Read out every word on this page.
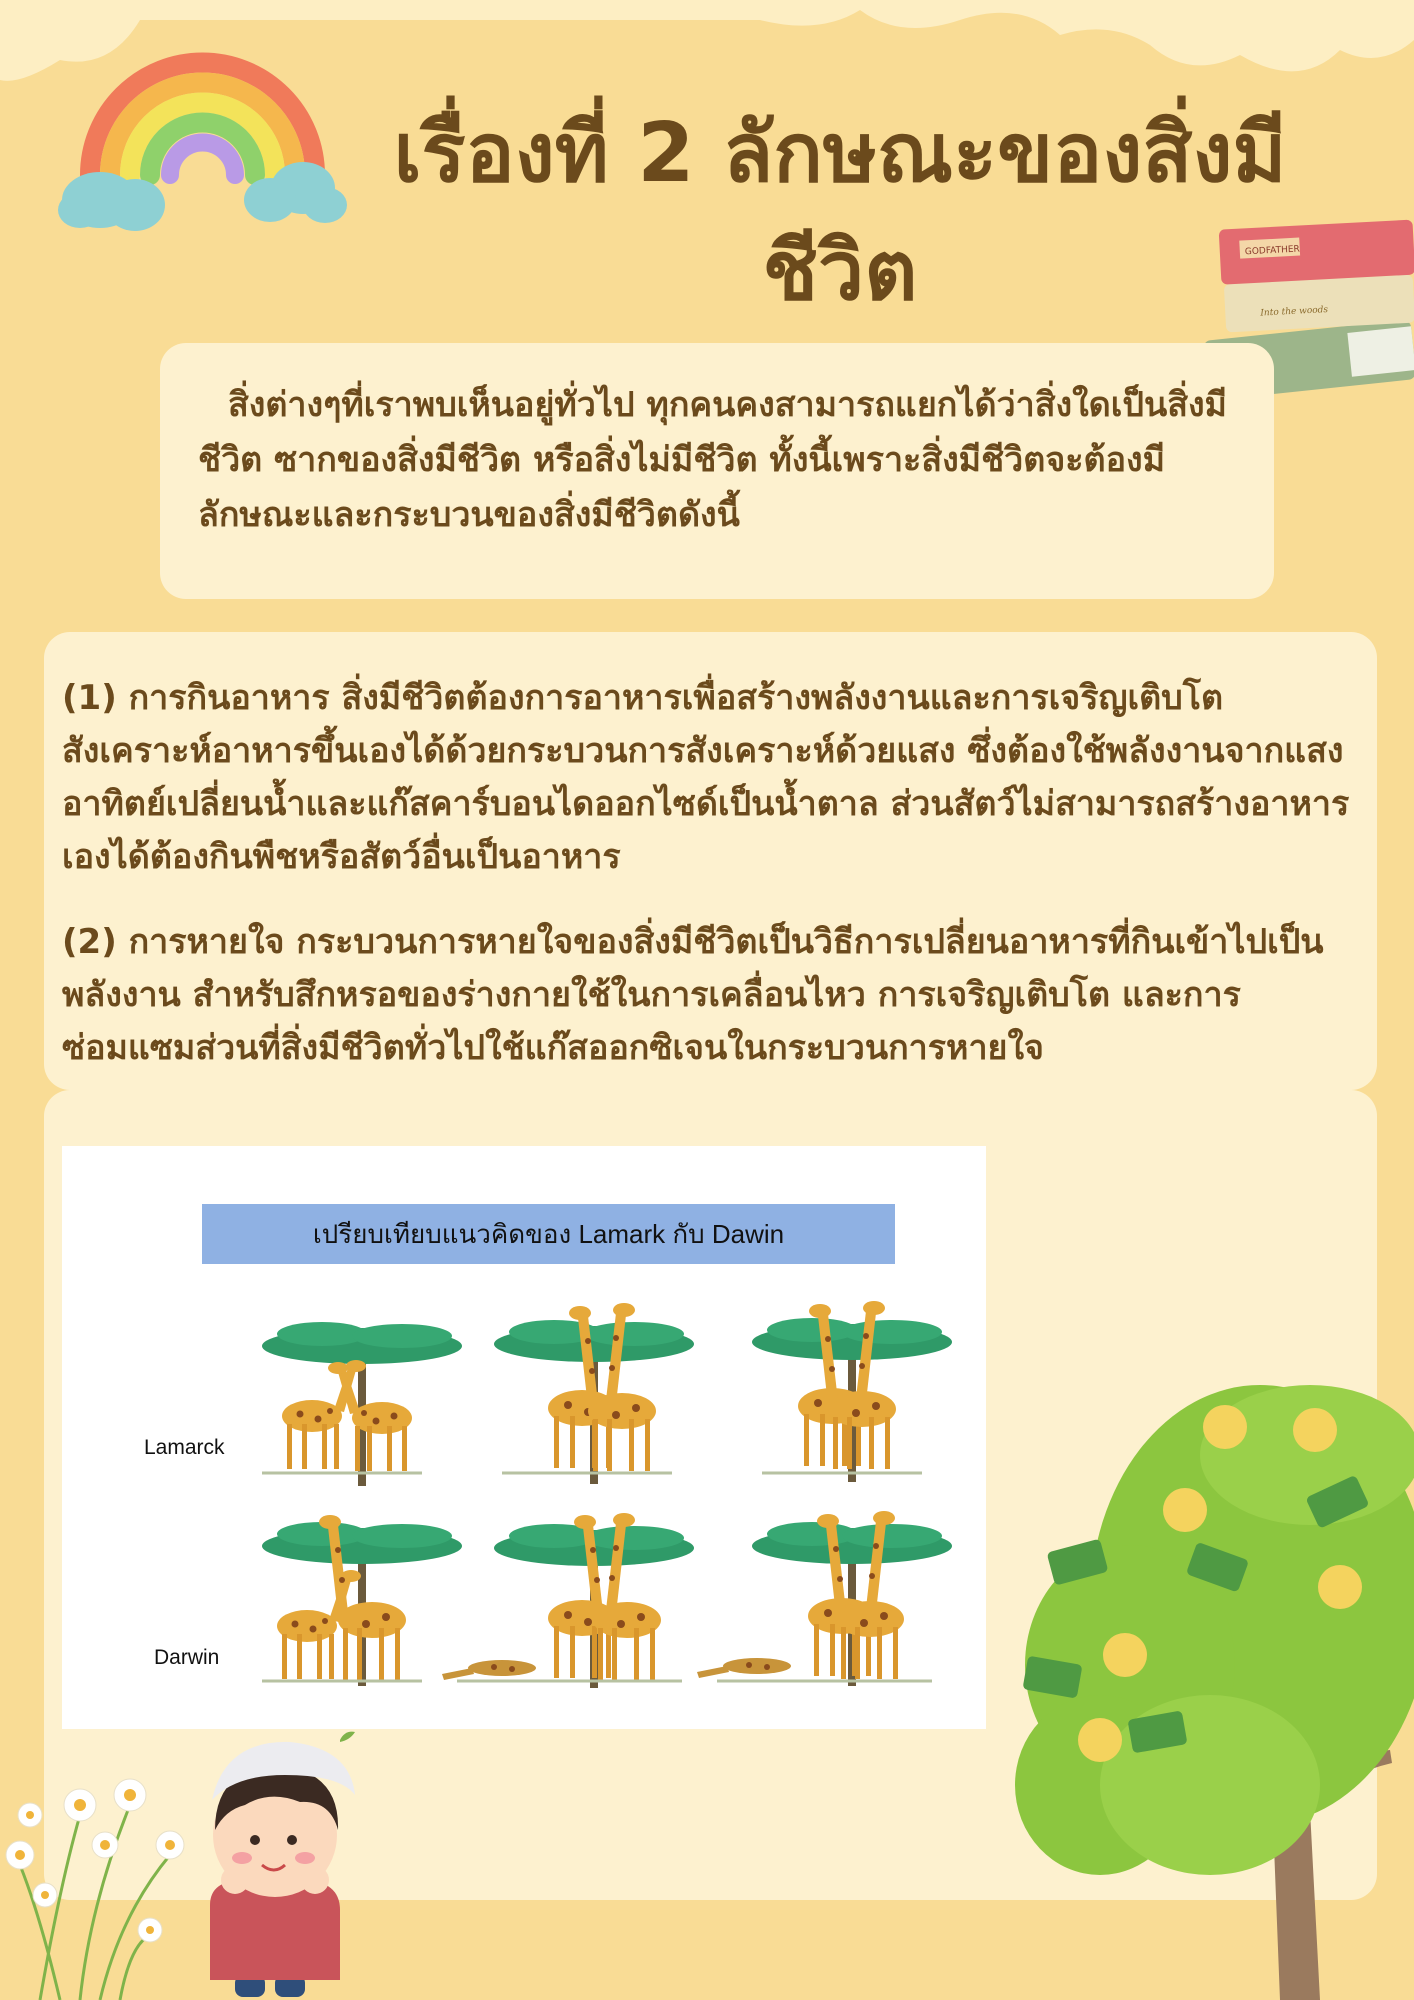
GODFATHER
Into the woods
เรื่องที่ 2 ลักษณะของสิ่งมีชีวิต

สิ่งต่างๆที่เราพบเห็นอยู่ทั่วไป ทุกคนคงสามารถแยกได้ว่าสิ่งใดเป็นสิ่งมีชีวิต ซากของสิ่งมีชีวิต หรือสิ่งไม่มีชีวิต ทั้งนี้เพราะสิ่งมีชีวิตจะต้องมีลักษณะและกระบวนของสิ่งมีชีวิตดังนี้

(1) การกินอาหาร สิ่งมีชีวิตต้องการอาหารเพื่อสร้างพลังงานและการเจริญเติบโตสังเคราะห์อาหารขึ้นเองได้ด้วยกระบวนการสังเคราะห์ด้วยแสง ซึ่งต้องใช้พลังงานจากแสงอาทิตย์เปลี่ยนน้ำและแก๊สคาร์บอนไดออกไซด์เป็นน้ำตาล ส่วนสัตว์ไม่สามารถสร้างอาหารเองได้ต้องกินพืชหรือสัตว์อื่นเป็นอาหาร

(2) การหายใจ กระบวนการหายใจของสิ่งมีชีวิตเป็นวิธีการเปลี่ยนอาหารที่กินเข้าไปเป็นพลังงาน สำหรับสึกหรอของร่างกายใช้ในการเคลื่อนไหว การเจริญเติบโต และการซ่อมแซมส่วนที่สิ่งมีชีวิตทั่วไปใช้แก๊สออกซิเจนในกระบวนการหายใจ

เปรียบเทียบแนวคิดของ Lamark กับ Dawin
Lamarck
Darwin
